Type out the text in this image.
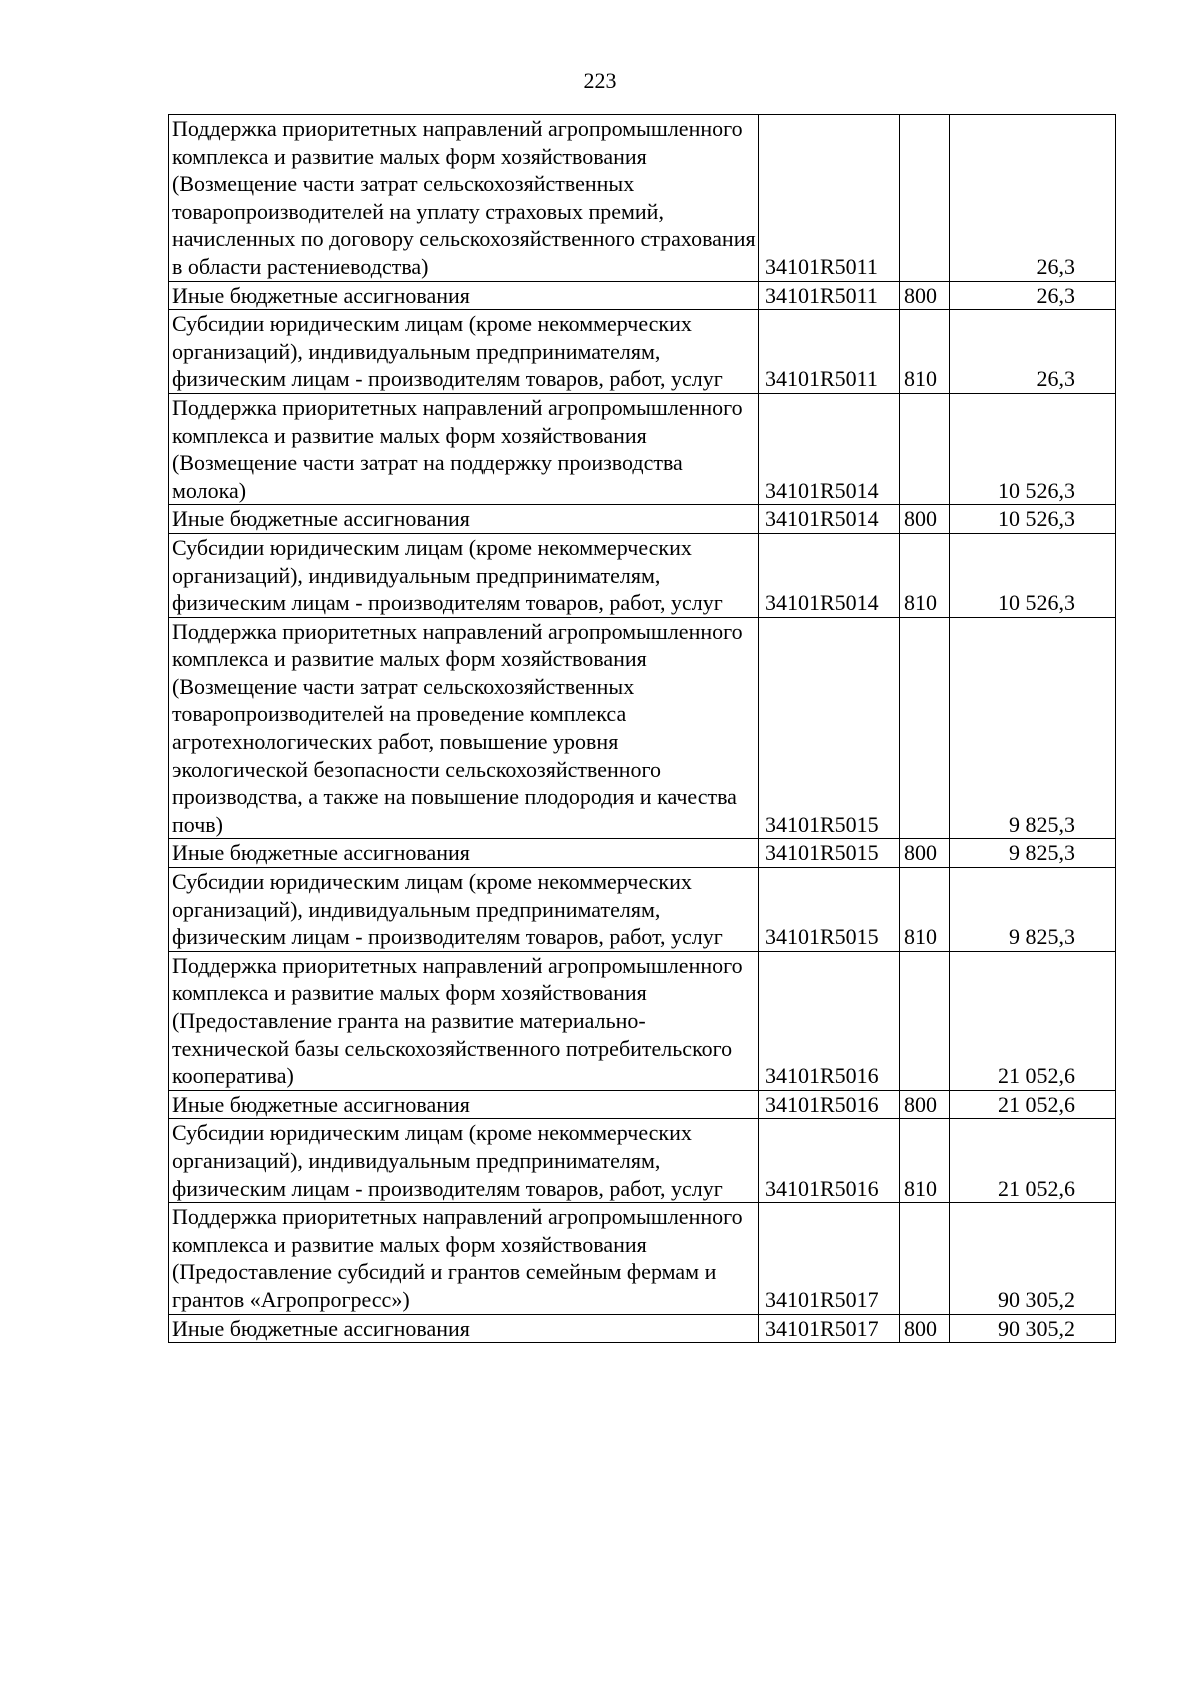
223
Поддержка приоритетных направлений агропромышленного комплекса и развитие малых форм хозяйствования (Возмещение части затрат сельскохозяйственных товаропроизводителей на уплату страховых премий, начисленных по договору сельскохозяйственного страхования в области растениеводства)	34101R5011		26,3
Иные бюджетные ассигнования	34101R5011	800	26,3
Субсидии юридическим лицам (кроме некоммерческих организаций), индивидуальным предпринимателям, физическим лицам - производителям товаров, работ, услуг	34101R5011	810	26,3
Поддержка приоритетных направлений агропромышленного комплекса и развитие малых форм хозяйствования (Возмещение части затрат на поддержку производства молока)	34101R5014		10 526,3
Иные бюджетные ассигнования	34101R5014	800	10 526,3
Субсидии юридическим лицам (кроме некоммерческих организаций), индивидуальным предпринимателям, физическим лицам - производителям товаров, работ, услуг	34101R5014	810	10 526,3
Поддержка приоритетных направлений агропромышленного комплекса и развитие малых форм хозяйствования (Возмещение части затрат сельскохозяйственных товаропроизводителей на проведение комплекса агротехнологических работ, повышение уровня экологической безопасности сельскохозяйственного производства, а также на повышение плодородия и качества почв)	34101R5015		9 825,3
Иные бюджетные ассигнования	34101R5015	800	9 825,3
Субсидии юридическим лицам (кроме некоммерческих организаций), индивидуальным предпринимателям, физическим лицам - производителям товаров, работ, услуг	34101R5015	810	9 825,3
Поддержка приоритетных направлений агропромышленного комплекса и развитие малых форм хозяйствования (Предоставление гранта на развитие материально-технической базы сельскохозяйственного потребительского кооператива)	34101R5016		21 052,6
Иные бюджетные ассигнования	34101R5016	800	21 052,6
Субсидии юридическим лицам (кроме некоммерческих организаций), индивидуальным предпринимателям, физическим лицам - производителям товаров, работ, услуг	34101R5016	810	21 052,6
Поддержка приоритетных направлений агропромышленного комплекса и развитие малых форм хозяйствования (Предоставление субсидий и грантов семейным фермам и грантов «Агропрогресс»)	34101R5017		90 305,2
Иные бюджетные ассигнования	34101R5017	800	90 305,2
